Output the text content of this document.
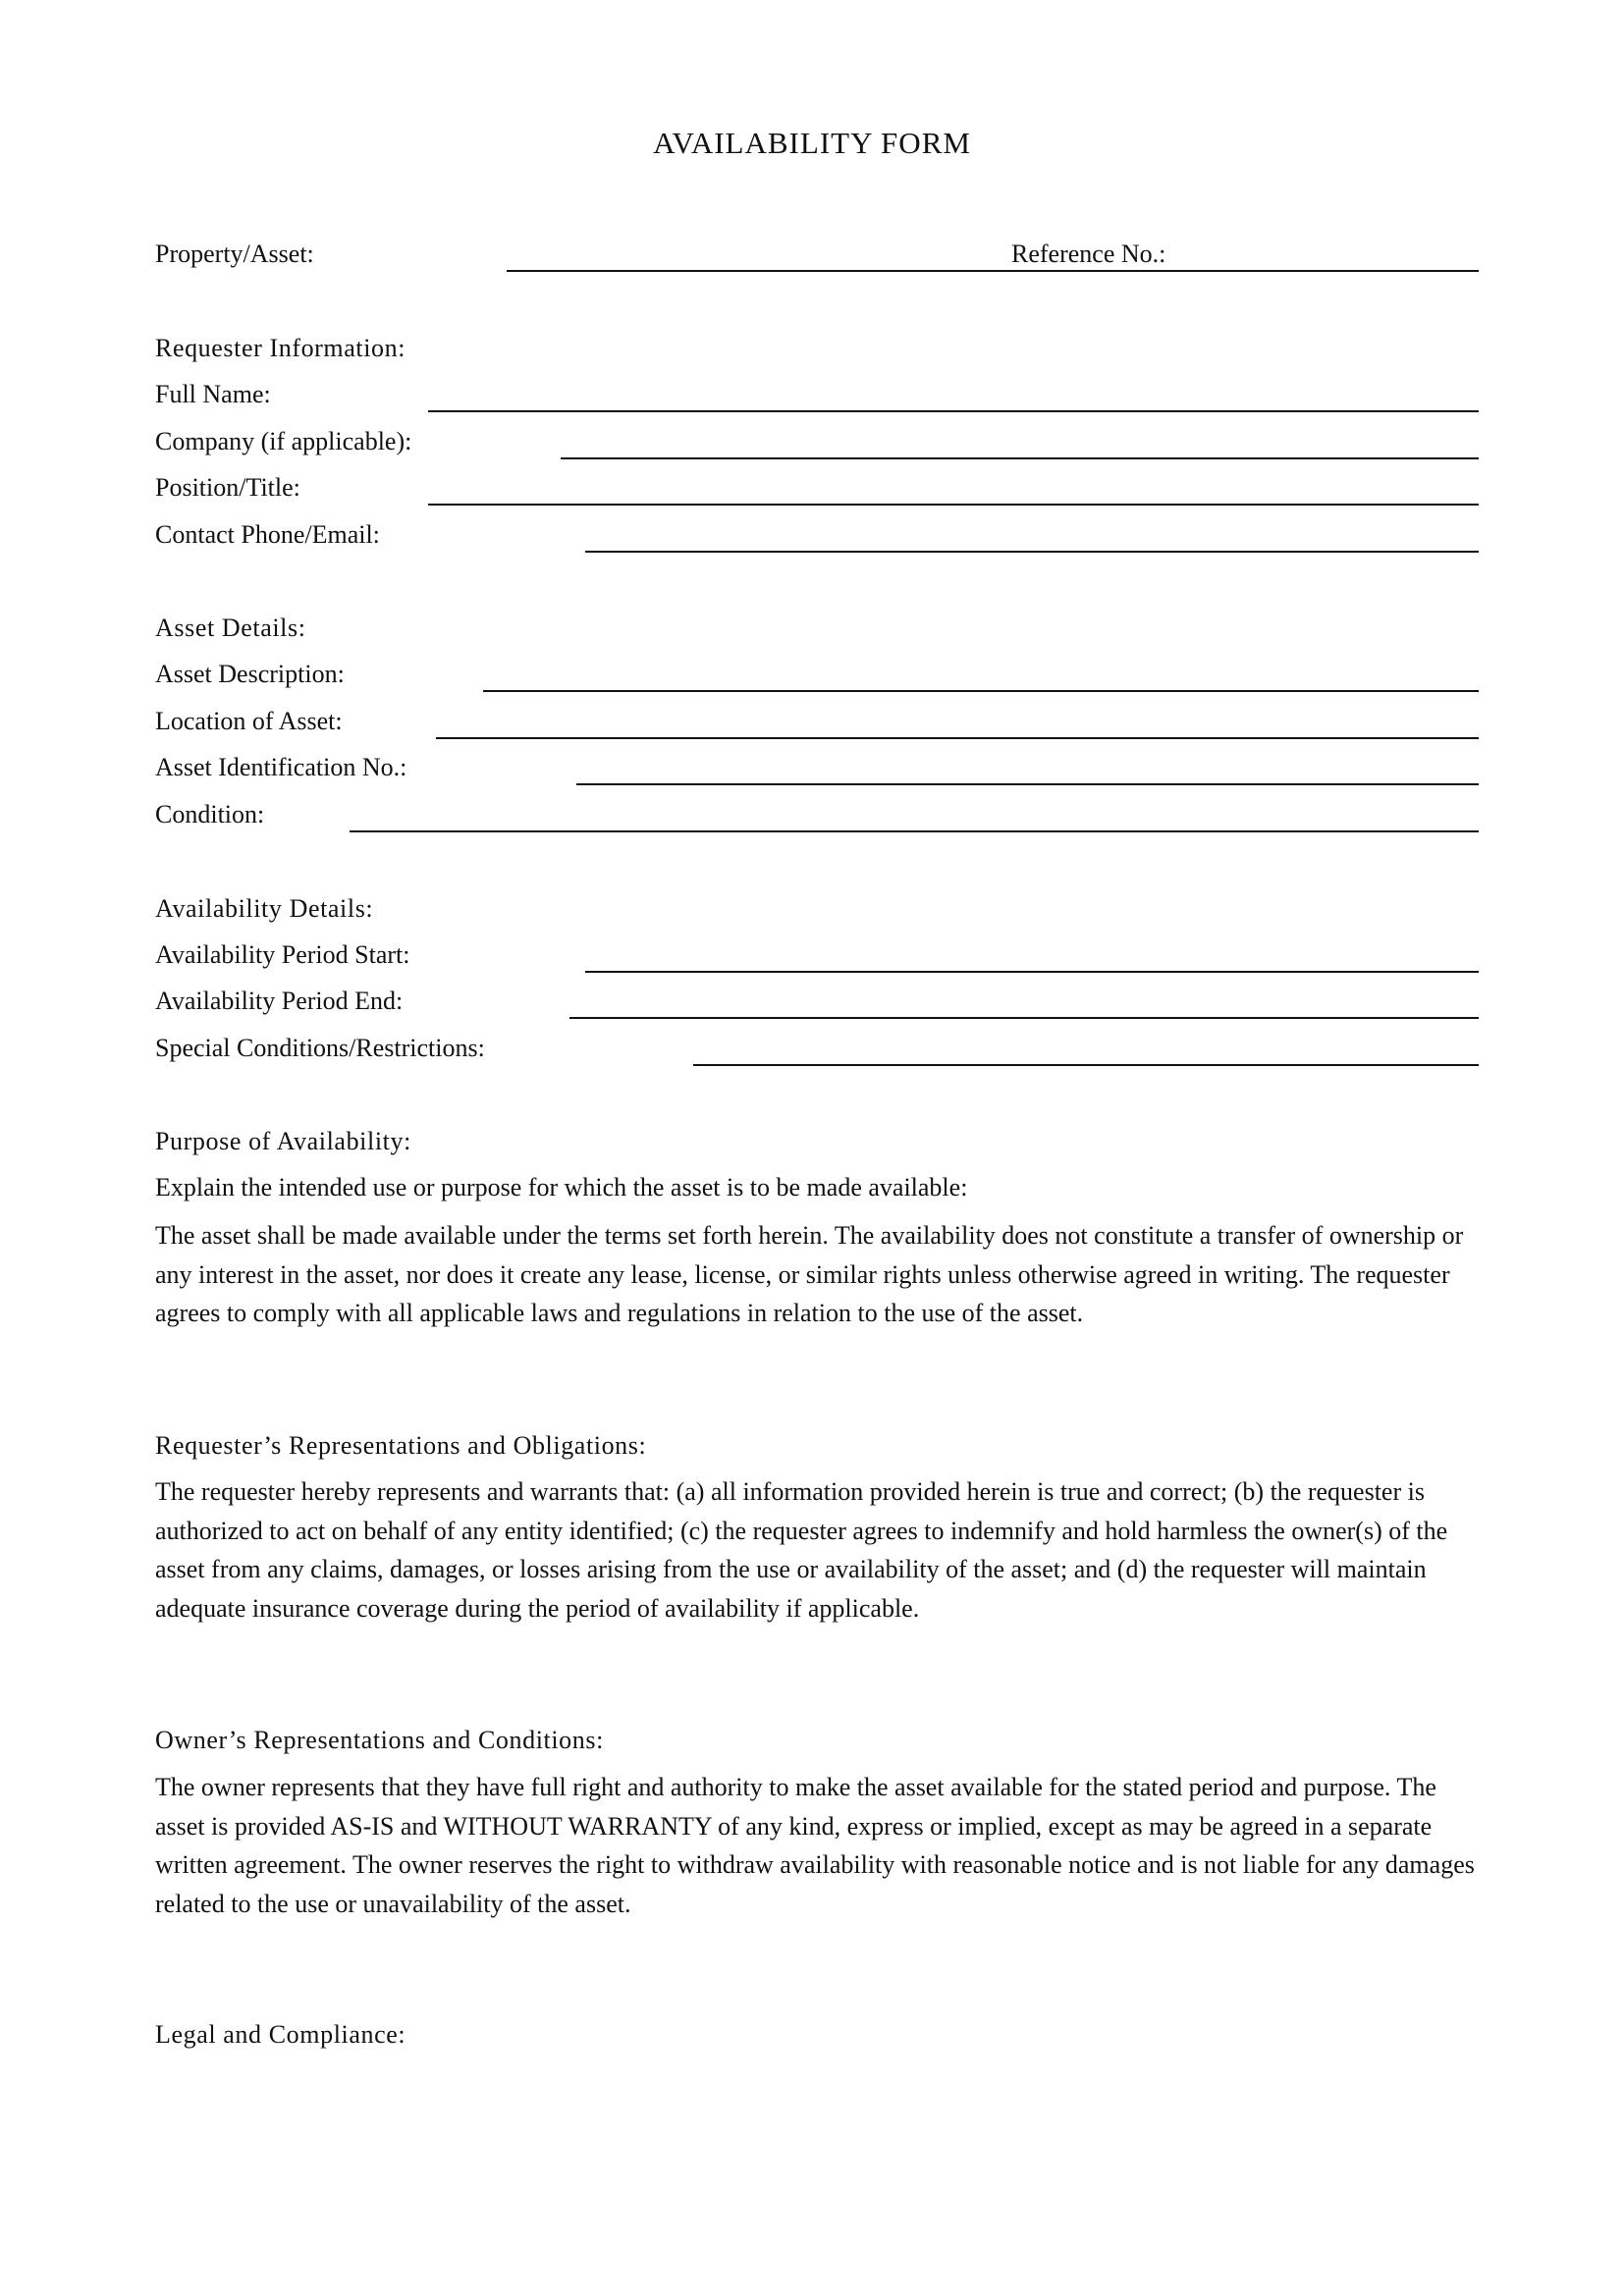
AVAILABILITY FORM
Property/Asset:	Reference No.:
Requester Information:
Full Name:
Company (if applicable):
Position/Title:
Contact Phone/Email:
Asset Details:
Asset Description:
Location of Asset:
Asset Identification No.:
Condition:
Availability Details:
Availability Period Start:
Availability Period End:
Special Conditions/Restrictions:
Purpose of Availability:
Explain the intended use or purpose for which the asset is to be made available:
The asset shall be made available under the terms set forth herein. The availability does not constitute a transfer of ownership or any interest in the asset, nor does it create any lease, license, or similar rights unless otherwise agreed in writing. The requester agrees to comply with all applicable laws and regulations in relation to the use of the asset.
Requester’s Representations and Obligations:
The requester hereby represents and warrants that: (a) all information provided herein is true and correct; (b) the requester is authorized to act on behalf of any entity identified; (c) the requester agrees to indemnify and hold harmless the owner(s) of the asset from any claims, damages, or losses arising from the use or availability of the asset; and (d) the requester will maintain adequate insurance coverage during the period of availability if applicable.
Owner’s Representations and Conditions:
The owner represents that they have full right and authority to make the asset available for the stated period and purpose. The asset is provided AS-IS and WITHOUT WARRANTY of any kind, express or implied, except as may be agreed in a separate written agreement. The owner reserves the right to withdraw availability with reasonable notice and is not liable for any damages related to the use or unavailability of the asset.
Legal and Compliance:
